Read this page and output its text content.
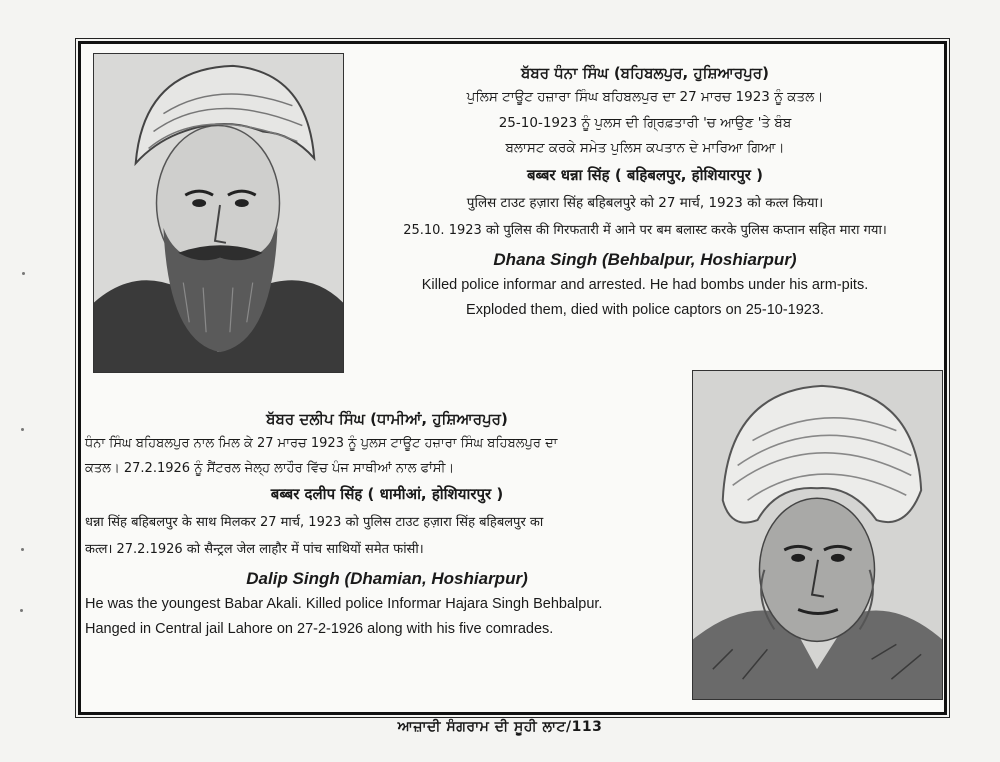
ਬੱਬਰ ਧੰਨਾ ਸਿੰਘ (ਬਹਿਬਲਪੁਰ, ਹੁਸ਼ਿਆਰਪੁਰ)
ਪੁਲਿਸ ਟਾਊਟ ਹਜ਼ਾਰਾ ਸਿੰਘ ਬਹਿਬਲਪੁਰ ਦਾ 27 ਮਾਰਚ 1923 ਨੂੰ ਕਤਲ।
25-10-1923 ਨੂੰ ਪੁਲਸ ਦੀ ਗ੍ਰਿਫ਼ਤਾਰੀ 'ਚ ਆਉਣ 'ਤੇ ਬੰਬ
ਬਲਾਸਟ ਕਰਕੇ ਸਮੇਤ ਪੁਲਿਸ ਕਪਤਾਨ ਦੇ ਮਾਰਿਆ ਗਿਆ।
बब्बर धन्ना सिंह ( बहिबलपुर, होशियारपुर )
पुलिस टाउट हज़ारा सिंह बहिबलपुरे को 27 मार्च, 1923 को कत्ल किया।
25.10. 1923 को पुलिस की गिरफतारी में आने पर बम बलास्ट करके पुलिस कप्तान सहित मारा गया।
Dhana Singh (Behbalpur, Hoshiarpur)
Killed police informar and arrested. He had bombs under his arm-pits.
Exploded them, died with police captors on 25-10-1923.
ਬੱਬਰ ਦਲੀਪ ਸਿੰਘ (ਧਾਮੀਆਂ, ਹੁਸ਼ਿਆਰਪੁਰ)
ਧੰਨਾ ਸਿੰਘ ਬਹਿਬਲਪੁਰ ਨਾਲ ਮਿਲ ਕੇ 27 ਮਾਰਚ 1923 ਨੂੰ ਪੁਲਸ ਟਾਊਟ ਹਜ਼ਾਰਾ ਸਿੰਘ ਬਹਿਬਲਪੁਰ ਦਾ
ਕਤਲ। 27.2.1926 ਨੂੰ ਸੈਂਟਰਲ ਜੇਲ੍ਹ ਲਾਹੌਰ ਵਿੱਚ ਪੰਜ ਸਾਥੀਆਂ ਨਾਲ ਫਾਂਸੀ।
बब्बर दलीप सिंह ( धामीआं, होशियारपुर )
धन्ना सिंह बहिबलपुर के साथ मिलकर 27 मार्च, 1923 को पुलिस टाउट हज़ारा सिंह बहिबलपुर का
कत्ल। 27.2.1926 को सैन्ट्रल जेल लाहौर में पांच साथियों समेत फांसी।
Dalip Singh (Dhamian, Hoshiarpur)
He was the youngest Babar Akali. Killed police Informar Hajara Singh Behbalpur.
Hanged in Central jail Lahore on 27-2-1926 along with his five comrades.
ਆਜ਼ਾਦੀ ਸੰਗਰਾਮ ਦੀ ਸੂਹੀ ਲਾਟ/113
